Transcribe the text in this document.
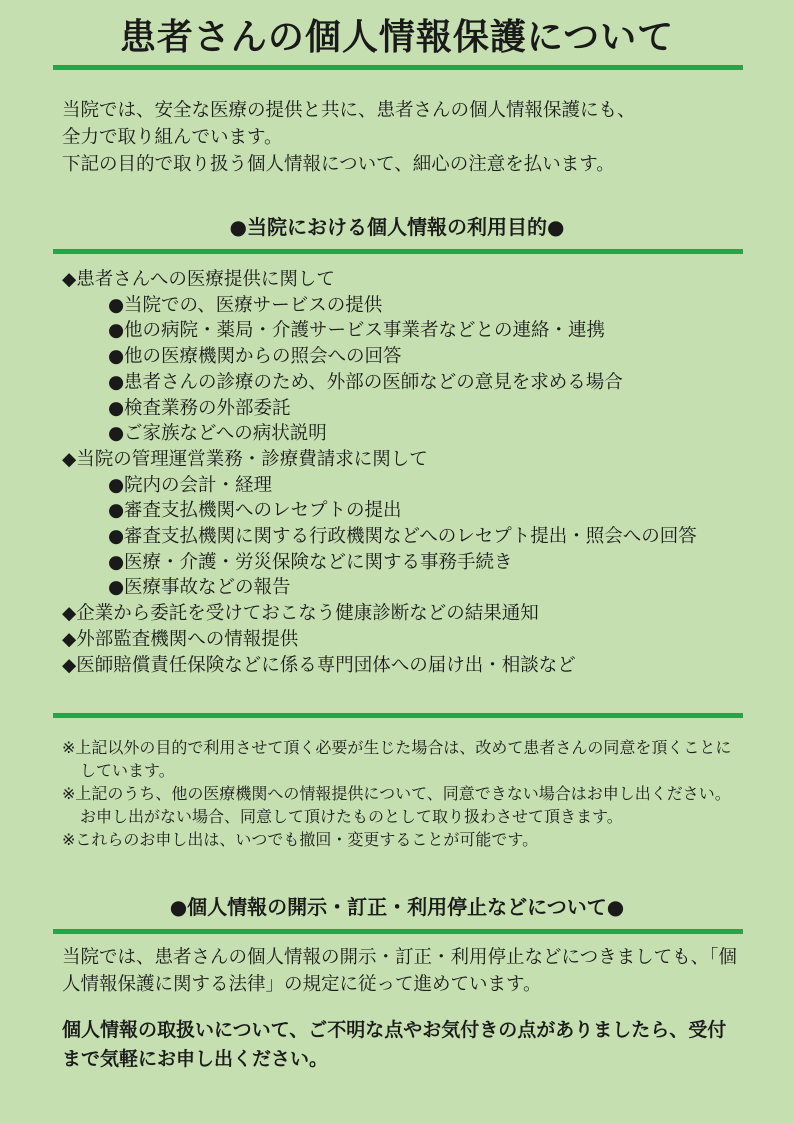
患者さんの個人情報保護について
当院では、安全な医療の提供と共に、患者さんの個人情報保護にも、
全力で取り組んでいます。
下記の目的で取り扱う個人情報について、細心の注意を払います。
●当院における個人情報の利用目的●
◆患者さんへの医療提供に関して
●当院での、医療サービスの提供
●他の病院・薬局・介護サービス事業者などとの連絡・連携
●他の医療機関からの照会への回答
●患者さんの診療のため、外部の医師などの意見を求める場合
●検査業務の外部委託
●ご家族などへの病状説明
◆当院の管理運営業務・診療費請求に関して
●院内の会計・経理
●審査支払機関へのレセプトの提出
●審査支払機関に関する行政機関などへのレセプト提出・照会への回答
●医療・介護・労災保険などに関する事務手続き
●医療事故などの報告
◆企業から委託を受けておこなう健康診断などの結果通知
◆外部監査機関への情報提供
◆医師賠償責任保険などに係る専門団体への届け出・相談など
※上記以外の目的で利用させて頂く必要が生じた場合は、改めて患者さんの同意を頂くことにしています。
※上記のうち、他の医療機関への情報提供について、同意できない場合はお申し出ください。お申し出がない場合、同意して頂けたものとして取り扱わさせて頂きます。
※これらのお申し出は、いつでも撤回・変更することが可能です。
●個人情報の開示・訂正・利用停止などについて●
当院では、患者さんの個人情報の開示・訂正・利用停止などにつきましても、「個人情報保護に関する法律」の規定に従って進めています。
個人情報の取扱いについて、ご不明な点やお気付きの点がありましたら、受付まで気軽にお申し出ください。
